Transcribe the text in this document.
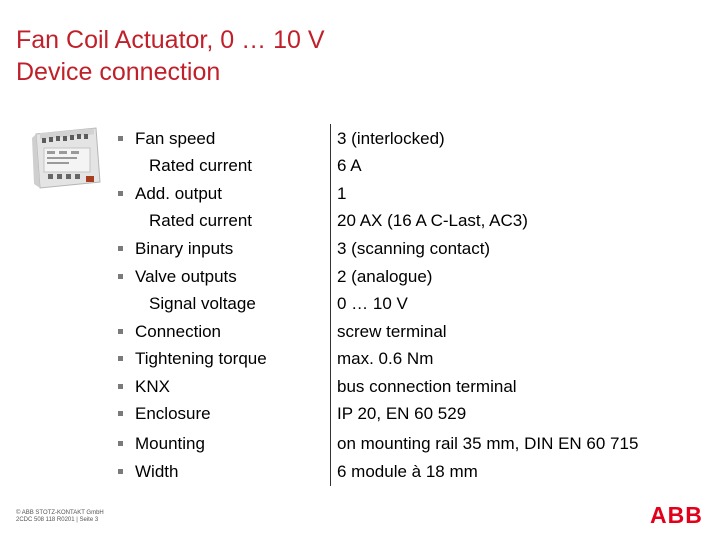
Fan Coil Actuator, 0 … 10 V
Device connection
Fan speed	3 (interlocked)
Rated current	6 A
Add. output	1
Rated current	20 AX (16 A C-Last, AC3)
Binary inputs	3 (scanning contact)
Valve outputs	2 (analogue)
Signal voltage	0 … 10 V
Connection	screw terminal
Tightening torque	max. 0.6 Nm
KNX	bus connection terminal
Enclosure	IP 20, EN 60 529
Mounting	on mounting rail 35 mm, DIN EN 60 715
Width	6 module à 18 mm
© ABB STOTZ-KONTAKT GmbH
2CDC 508 118 R0201 | Seite 3	ABB
